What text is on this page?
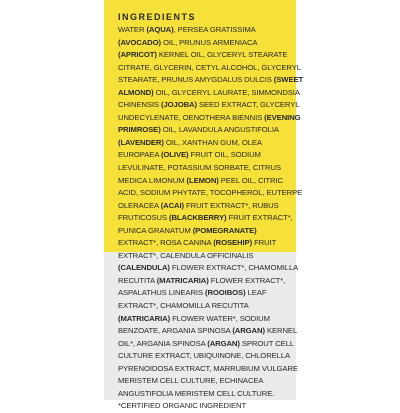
INGREDIENTS
WATER (AQUA), PERSEA GRATISSIMA
(AVOCADO) OIL, PRUNUS ARMENIACA
(APRICOT) KERNEL OIL, GLYCERYL STEARATE
CITRATE, GLYCERIN, CETYL ALCOHOL, GLYCERYL
STEARATE, PRUNUS AMYGDALUS DULCIS (SWEET
ALMOND) OIL, GLYCERYL LAURATE, SIMMONDSIA
CHINENSIS (JOJOBA) SEED EXTRACT, GLYCERYL
UNDECYLENATE, OENOTHERA BIENNIS (EVENING
PRIMROSE) OIL, LAVANDULA ANGUSTIFOLIA
(LAVENDER) OIL, XANTHAN GUM, OLEA
EUROPAEA (OLIVE) FRUIT OIL, SODIUM
LEVULINATE, POTASSIUM SORBATE, CITRUS
MEDICA LIMONUM (LEMON) PEEL OIL, CITRIC
ACID, SODIUM PHYTATE, TOCOPHEROL, EUTERPE
OLERACEA (ACAI) FRUIT EXTRACT*, RUBUS
FRUTICOSUS (BLACKBERRY) FRUIT EXTRACT*,
PUNICA GRANATUM (POMEGRANATE)
EXTRACT*, ROSA CANINA (ROSEHIP) FRUIT
EXTRACT*, CALENDULA OFFICINALIS
(CALENDULA) FLOWER EXTRACT*, CHAMOMILLA
RECUTITA (MATRICARIA) FLOWER EXTRACT*,
ASPALATHUS LINEARIS (ROOIBOS) LEAF
EXTRACT*, CHAMOMILLA RECUTITA
(MATRICARIA) FLOWER WATER*, SODIUM
BENZOATE, ARGANIA SPINOSA (ARGAN) KERNEL
OIL*, ARGANIA SPINOSA (ARGAN) SPROUT CELL
CULTURE EXTRACT, UBIQUINONE, CHLORELLA
PYRENOIDOSA EXTRACT, MARRUBIUM VULGARE
MERISTEM CELL CULTURE, ECHINACEA
ANGUSTIFOLIA MERISTEM CELL CULTURE.
*CERTIFIED ORGANIC INGREDIENT
